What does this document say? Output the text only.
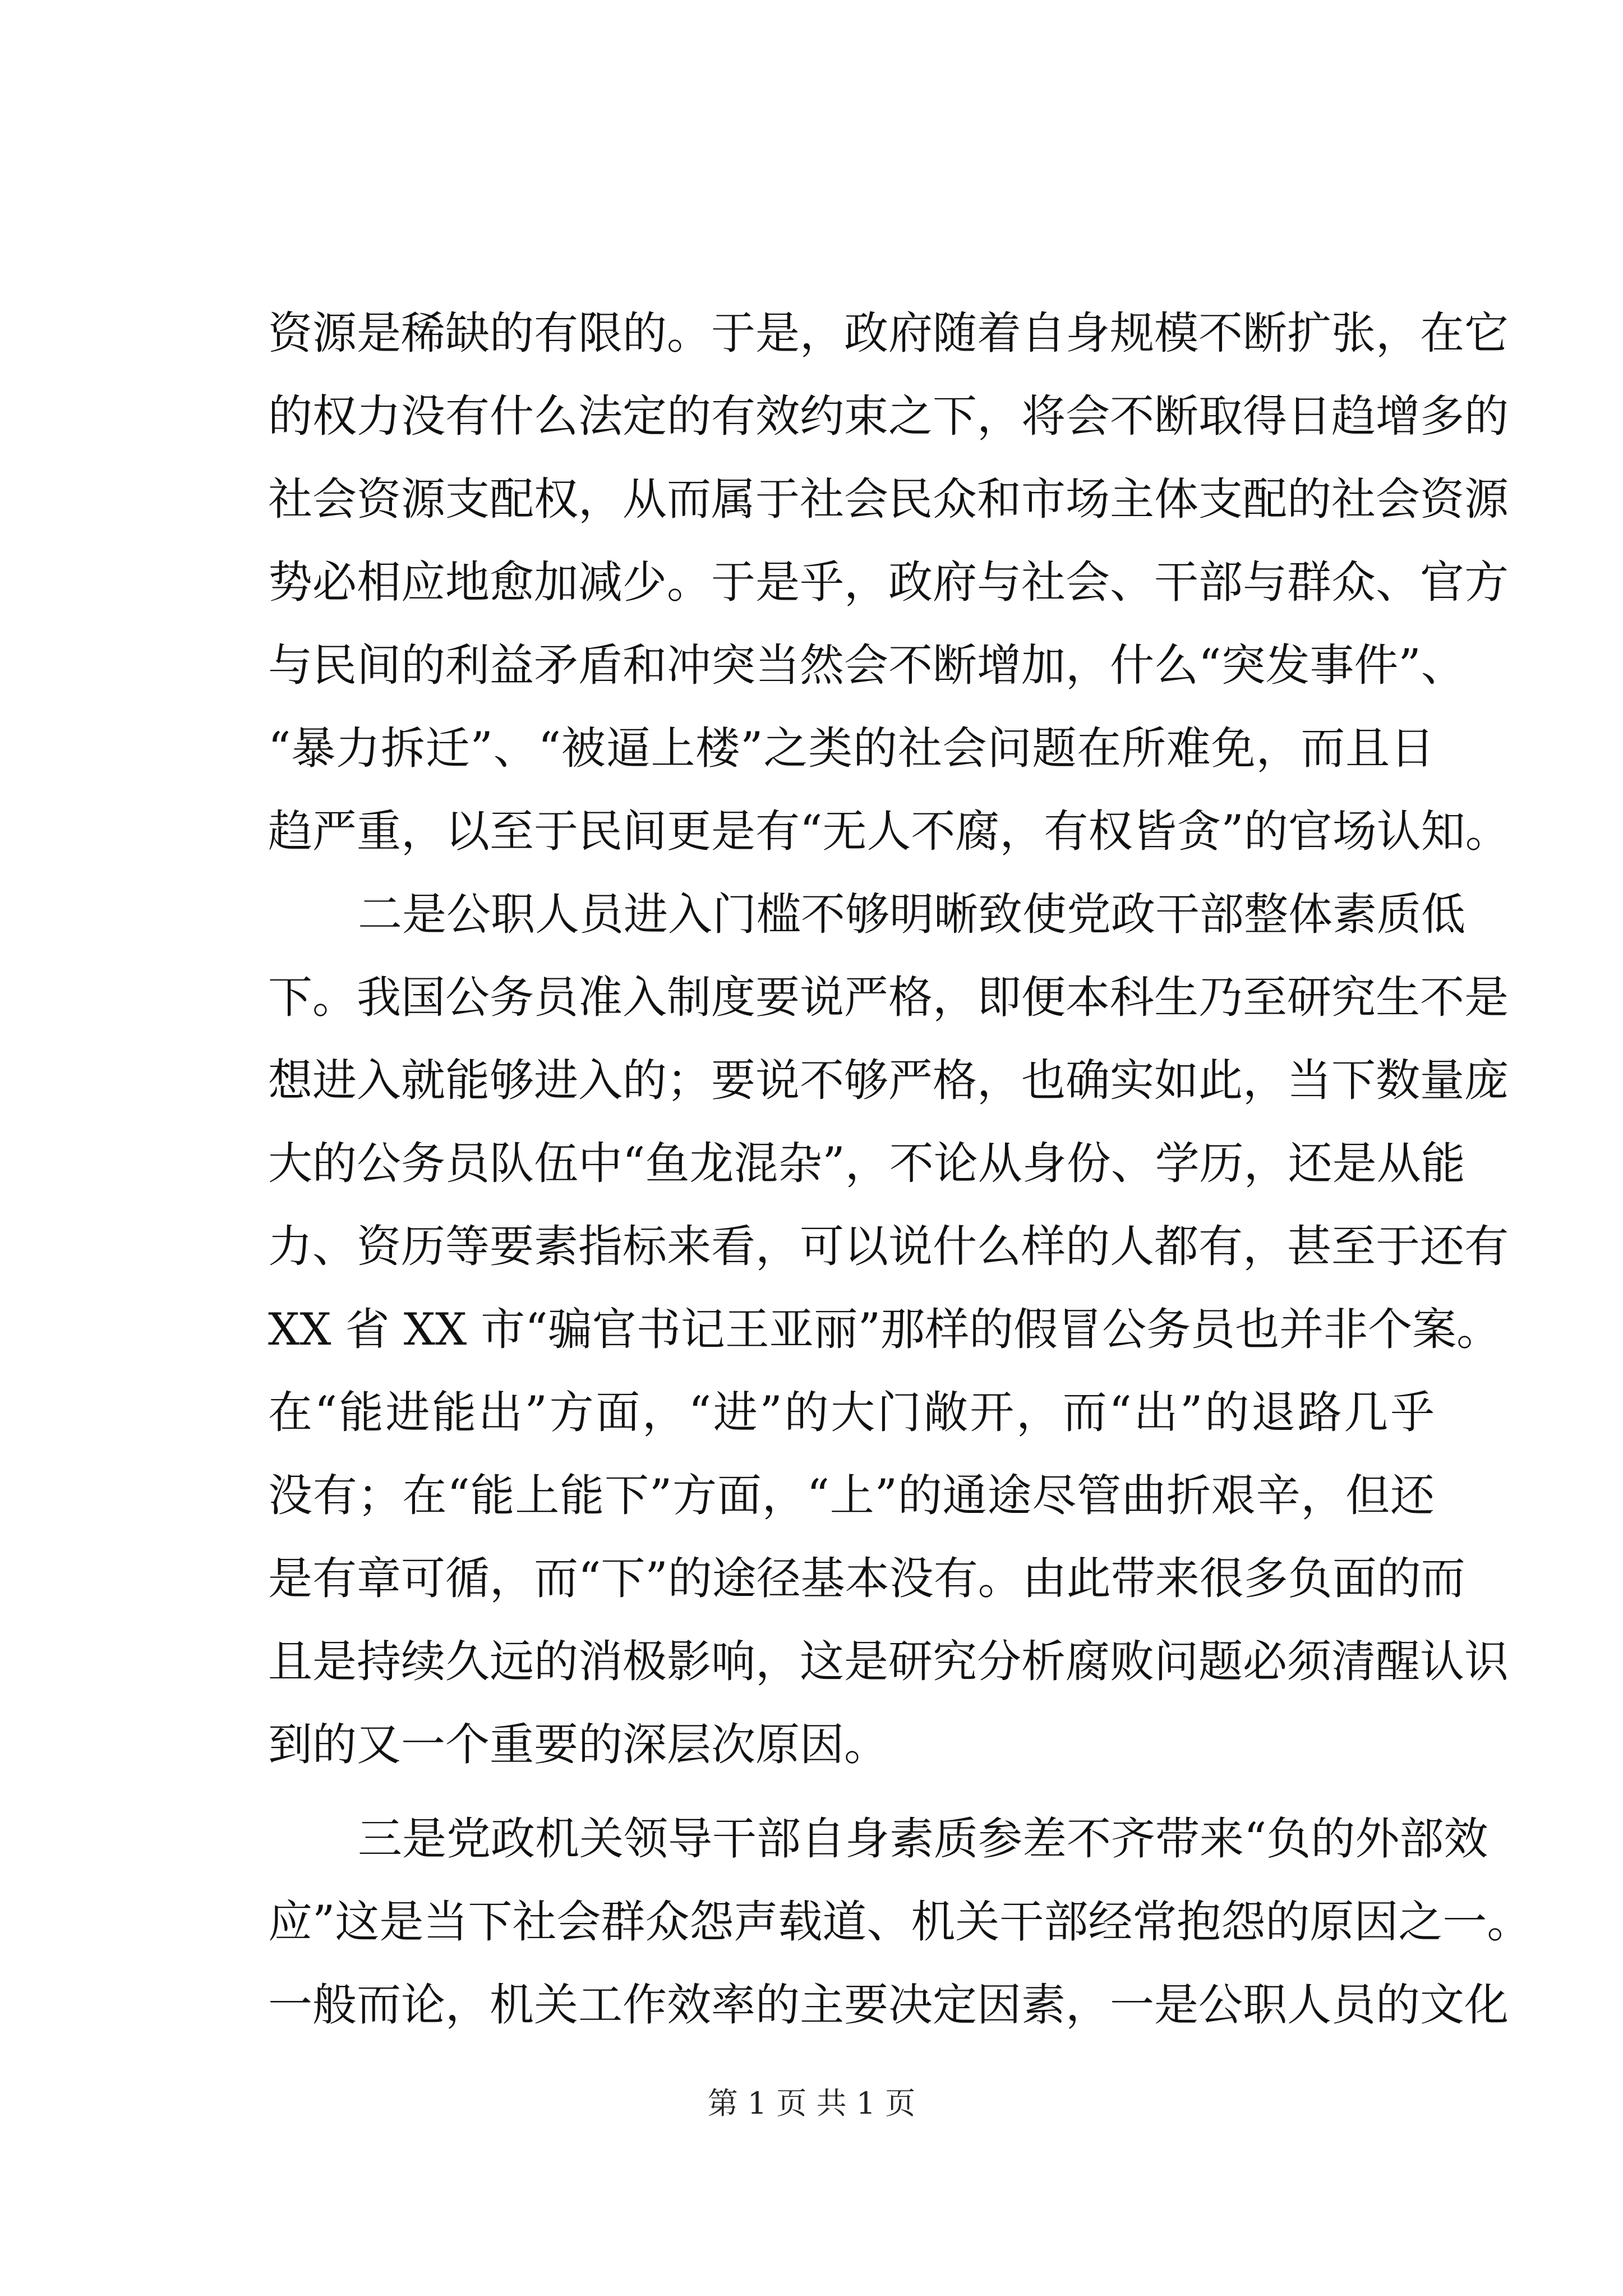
资源是稀缺的有限的。于是，政府随着自身规模不断扩张，在它
的权力没有什么法定的有效约束之下，将会不断取得日趋增多的
社会资源支配权，从而属于社会民众和市场主体支配的社会资源
势必相应地愈加减少。于是乎，政府与社会、干部与群众、官方
与民间的利益矛盾和冲突当然会不断增加，什么“突发事件”、
“暴力拆迁”、“被逼上楼”之类的社会问题在所难免，而且日
趋严重，以至于民间更是有“无人不腐，有权皆贪”的官场认知。
二是公职人员进入门槛不够明晰致使党政干部整体素质低
下。我国公务员准入制度要说严格，即便本科生乃至研究生不是
想进入就能够进入的；要说不够严格，也确实如此，当下数量庞
大的公务员队伍中“鱼龙混杂”，不论从身份、学历，还是从能
力、资历等要素指标来看，可以说什么样的人都有，甚至于还有
XX 省 XX 市“骗官书记王亚丽”那样的假冒公务员也并非个案。
在“能进能出”方面，“进”的大门敞开，而“出”的退路几乎
没有；在“能上能下”方面，“上”的通途尽管曲折艰辛，但还
是有章可循，而“下”的途径基本没有。由此带来很多负面的而
且是持续久远的消极影响，这是研究分析腐败问题必须清醒认识
到的又一个重要的深层次原因。
三是党政机关领导干部自身素质参差不齐带来“负的外部效
应”这是当下社会群众怨声载道、机关干部经常抱怨的原因之一。
一般而论，机关工作效率的主要决定因素，一是公职人员的文化
第 1 页 共 1 页
